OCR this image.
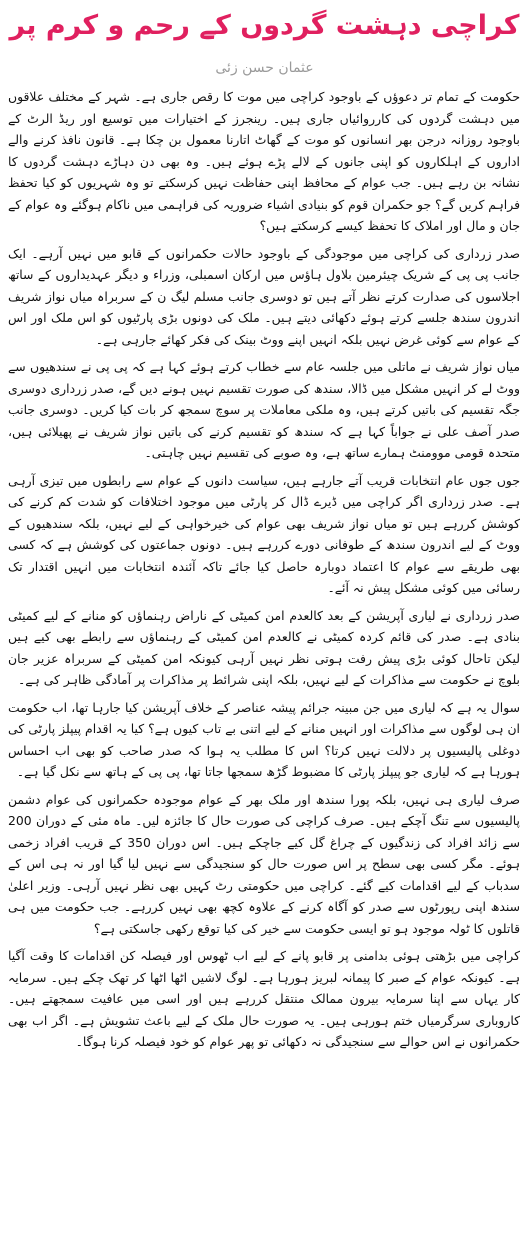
کراچی دہشت گردوں کے رحم و کرم پر
عثمان حسن زئی

حکومت کے تمام تر دعوؤں کے باوجود کراچی میں موت کا رقص جاری ہے۔ شہر کے مختلف علاقوں میں دہشت گردوں کی کارروائیاں جاری ہیں۔ رینجرز کے اختیارات میں توسیع اور ریڈ الرٹ کے باوجود روزانہ درجن بھر انسانوں کو موت کے گھاٹ اتارنا معمول بن چکا ہے۔ قانون نافذ کرنے والے اداروں کے اہلکاروں کو اپنی جانوں کے لالے پڑے ہوئے ہیں۔ وہ بھی دن دہاڑے دہشت گردوں کا نشانہ بن رہے ہیں۔ جب عوام کے محافظ اپنی حفاظت نہیں کرسکتے تو وہ شہریوں کو کیا تحفظ فراہم کریں گے؟ جو حکمران قوم کو بنیادی اشیاء ضروریہ کی فراہمی میں ناکام ہوگئے وہ عوام کے جان و مال اور املاک کا تحفظ کیسے کرسکتے ہیں؟

صدر زرداری کی کراچی میں موجودگی کے باوجود حالات حکمرانوں کے قابو میں نہیں آرہے۔ ایک جانب پی پی کے شریک چیئرمین بلاول ہاؤس میں ارکان اسمبلی، وزراء و دیگر عہدیداروں کے ساتھ اجلاسوں کی صدارت کرتے نظر آتے ہیں تو دوسری جانب مسلم لیگ ن کے سربراہ میاں نواز شریف اندرون سندھ جلسے کرتے ہوئے دکھائی دیتے ہیں۔ ملک کی دونوں بڑی پارٹیوں کو اس ملک اور اس کے عوام سے کوئی غرض نہیں بلکہ انہیں اپنے ووٹ بینک کی فکر کھائے جارہی ہے۔

میاں نواز شریف نے ماتلی میں جلسہ عام سے خطاب کرتے ہوئے کہا ہے کہ پی پی نے سندھیوں سے ووٹ لے کر انہیں مشکل میں ڈالا، سندھ کی صورت تقسیم نہیں ہونے دیں گے، صدر زرداری دوسری جگہ تقسیم کی باتیں کرتے ہیں، وہ ملکی معاملات پر سوچ سمجھ کر بات کیا کریں۔ دوسری جانب صدر آصف علی نے جواباً کہا ہے کہ سندھ کو تقسیم کرنے کی باتیں نواز شریف نے پھیلائی ہیں، متحدہ قومی موومنٹ ہمارے ساتھ ہے، وہ صوبے کی تقسیم نہیں چاہتی۔

جوں جوں عام انتخابات قریب آتے جارہے ہیں، سیاست دانوں کے عوام سے رابطوں میں تیزی آرہی ہے۔ صدر زرداری اگر کراچی میں ڈیرے ڈال کر پارٹی میں موجود اختلافات کو شدت کم کرنے کی کوشش کررہے ہیں تو میاں نواز شریف بھی عوام کی خیرخواہی کے لیے نہیں، بلکہ سندھیوں کے ووٹ کے لیے اندرون سندھ کے طوفانی دورے کررہے ہیں۔ دونوں جماعتوں کی کوشش ہے کہ کسی بھی طریقے سے عوام کا اعتماد دوبارہ حاصل کیا جائے تاکہ آئندہ انتخابات میں انہیں اقتدار تک رسائی میں کوئی مشکل پیش نہ آئے۔

صدر زرداری نے لیاری آپریشن کے بعد کالعدم امن کمیٹی کے ناراض رہنماؤں کو منانے کے لیے کمیٹی بنادی ہے۔ صدر کی قائم کردہ کمیٹی نے کالعدم امن کمیٹی کے رہنماؤں سے رابطے بھی کیے ہیں لیکن تاحال کوئی بڑی پیش رفت ہوتی نظر نہیں آرہی کیونکہ امن کمیٹی کے سربراہ عزیر جان بلوچ نے حکومت سے مذاکرات کے لیے نہیں، بلکہ اپنی شرائط پر مذاکرات پر آمادگی ظاہر کی ہے۔

سوال یہ ہے کہ لیاری میں جن مبینہ جرائم پیشہ عناصر کے خلاف آپریشن کیا جارہا تھا، اب حکومت ان ہی لوگوں سے مذاکرات اور انہیں منانے کے لیے اتنی بے تاب کیوں ہے؟ کیا یہ اقدام پیپلز پارٹی کی دوغلی پالیسیوں پر دلالت نہیں کرتا؟ اس کا مطلب یہ ہوا کہ صدر صاحب کو بھی اب احساس ہورہا ہے کہ لیاری جو پیپلز پارٹی کا مضبوط گڑھ سمجھا جاتا تھا، پی پی کے ہاتھ سے نکل گیا ہے۔

صرف لیاری ہی نہیں، بلکہ پورا سندھ اور ملک بھر کے عوام موجودہ حکمرانوں کی عوام دشمن پالیسیوں سے تنگ آچکے ہیں۔ صرف کراچی کی صورت حال کا جائزہ لیں۔ ماہ مئی کے دوران 200 سے زائد افراد کی زندگیوں کے چراغ گل کیے جاچکے ہیں۔ اس دوران 350 کے قریب افراد زخمی ہوئے۔ مگر کسی بھی سطح پر اس صورت حال کو سنجیدگی سے نہیں لیا گیا اور نہ ہی اس کے سدباب کے لیے اقدامات کیے گئے۔ کراچی میں حکومتی رٹ کہیں بھی نظر نہیں آرہی۔ وزیر اعلیٰ سندھ اپنی رپورٹوں سے صدر کو آگاہ کرنے کے علاوہ کچھ بھی نہیں کررہے۔ جب حکومت میں ہی قاتلوں کا ٹولہ موجود ہو تو ایسی حکومت سے خیر کی کیا توقع رکھی جاسکتی ہے؟

کراچی میں بڑھتی ہوئی بدامنی پر قابو پانے کے لیے اب ٹھوس اور فیصلہ کن اقدامات کا وقت آگیا ہے۔ کیونکہ عوام کے صبر کا پیمانہ لبریز ہورہا ہے۔ لوگ لاشیں اٹھا اٹھا کر تھک چکے ہیں۔ سرمایہ کار یہاں سے اپنا سرمایہ بیرون ممالک منتقل کررہے ہیں اور اسی میں عافیت سمجھتے ہیں۔ کاروباری سرگرمیاں ختم ہورہی ہیں۔ یہ صورت حال ملک کے لیے باعث تشویش ہے۔ اگر اب بھی حکمرانوں نے اس حوالے سے سنجیدگی نہ دکھائی تو پھر عوام کو خود فیصلہ کرنا ہوگا۔
